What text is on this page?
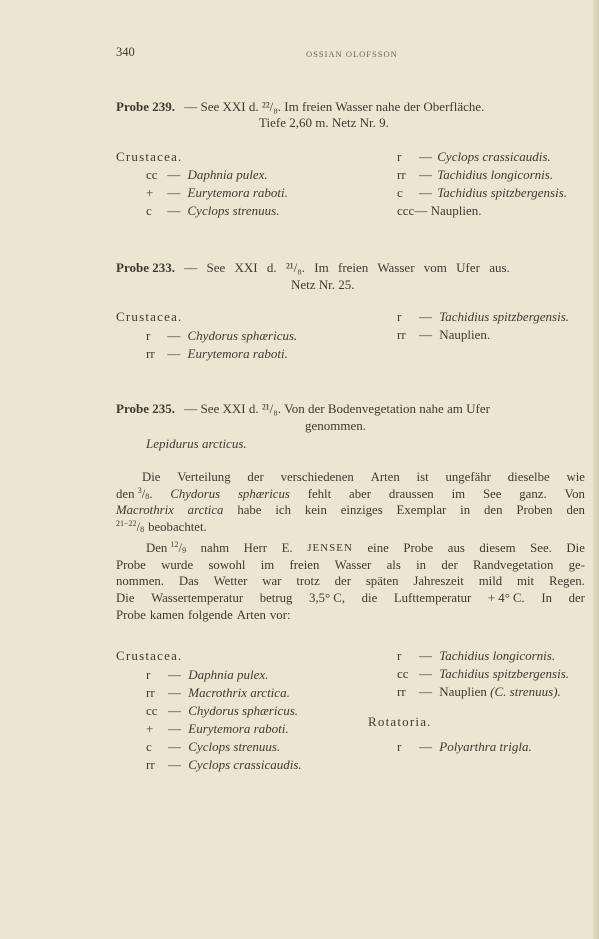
340	OSSIAN OLOFSSON
Probe 239. — See XXI d. ²²/₈. Im freien Wasser nahe der Oberfläche.
Tiefe 2,60 m. Netz Nr. 9.
Crustacea.
cc — Daphnia pulex.
+ — Eurytemora raboti.
c — Cyclops strenuus.
r — Cyclops crassicaudis.
rr — Tachidius longicornis.
c — Tachidius spitzbergensis.
ccc— Nauplien.
Probe 233. — See XXI d. ²¹/₈. Im freien Wasser vom Ufer aus.
Netz Nr. 25.
Crustacea.
r — Chydorus sphæricus.
rr — Eurytemora raboti.
r — Tachidius spitzbergensis.
rr — Nauplien.
Probe 235. — See XXI d. ²¹/₈. Von der Bodenvegetation nahe am Ufer
genommen.
Lepidurus arcticus.
Die Verteilung der verschiedenen Arten ist ungefähr dieselbe wie
den $^3/_8$. Chydorus sphæricus fehlt aber draussen im See ganz. Von
Macrothrix arctica habe ich kein einziges Exemplar in den Proben den
$^{21-22}/_8$ beobachtet.
Den $^{12}/_9$ nahm Herr E. JENSEN eine Probe aus diesem See. Die
Probe wurde sowohl im freien Wasser als in der Randvegetation ge-
nommen. Das Wetter war trotz der späten Jahreszeit mild mit Regen.
Die Wassertemperatur betrug 3,5° C, die Lufttemperatur + 4° C. In der
Probe kamen folgende Arten vor:
Crustacea.
r — Daphnia pulex.
rr — Macrothrix arctica.
cc — Chydorus sphæricus.
+ — Eurytemora raboti.
c — Cyclops strenuus.
rr — Cyclops crassicaudis.
r — Tachidius longicornis.
cc — Tachidius spitzbergensis.
rr — Nauplien (C. strenuus).
Rotatoria.
r — Polyarthra trigla.
